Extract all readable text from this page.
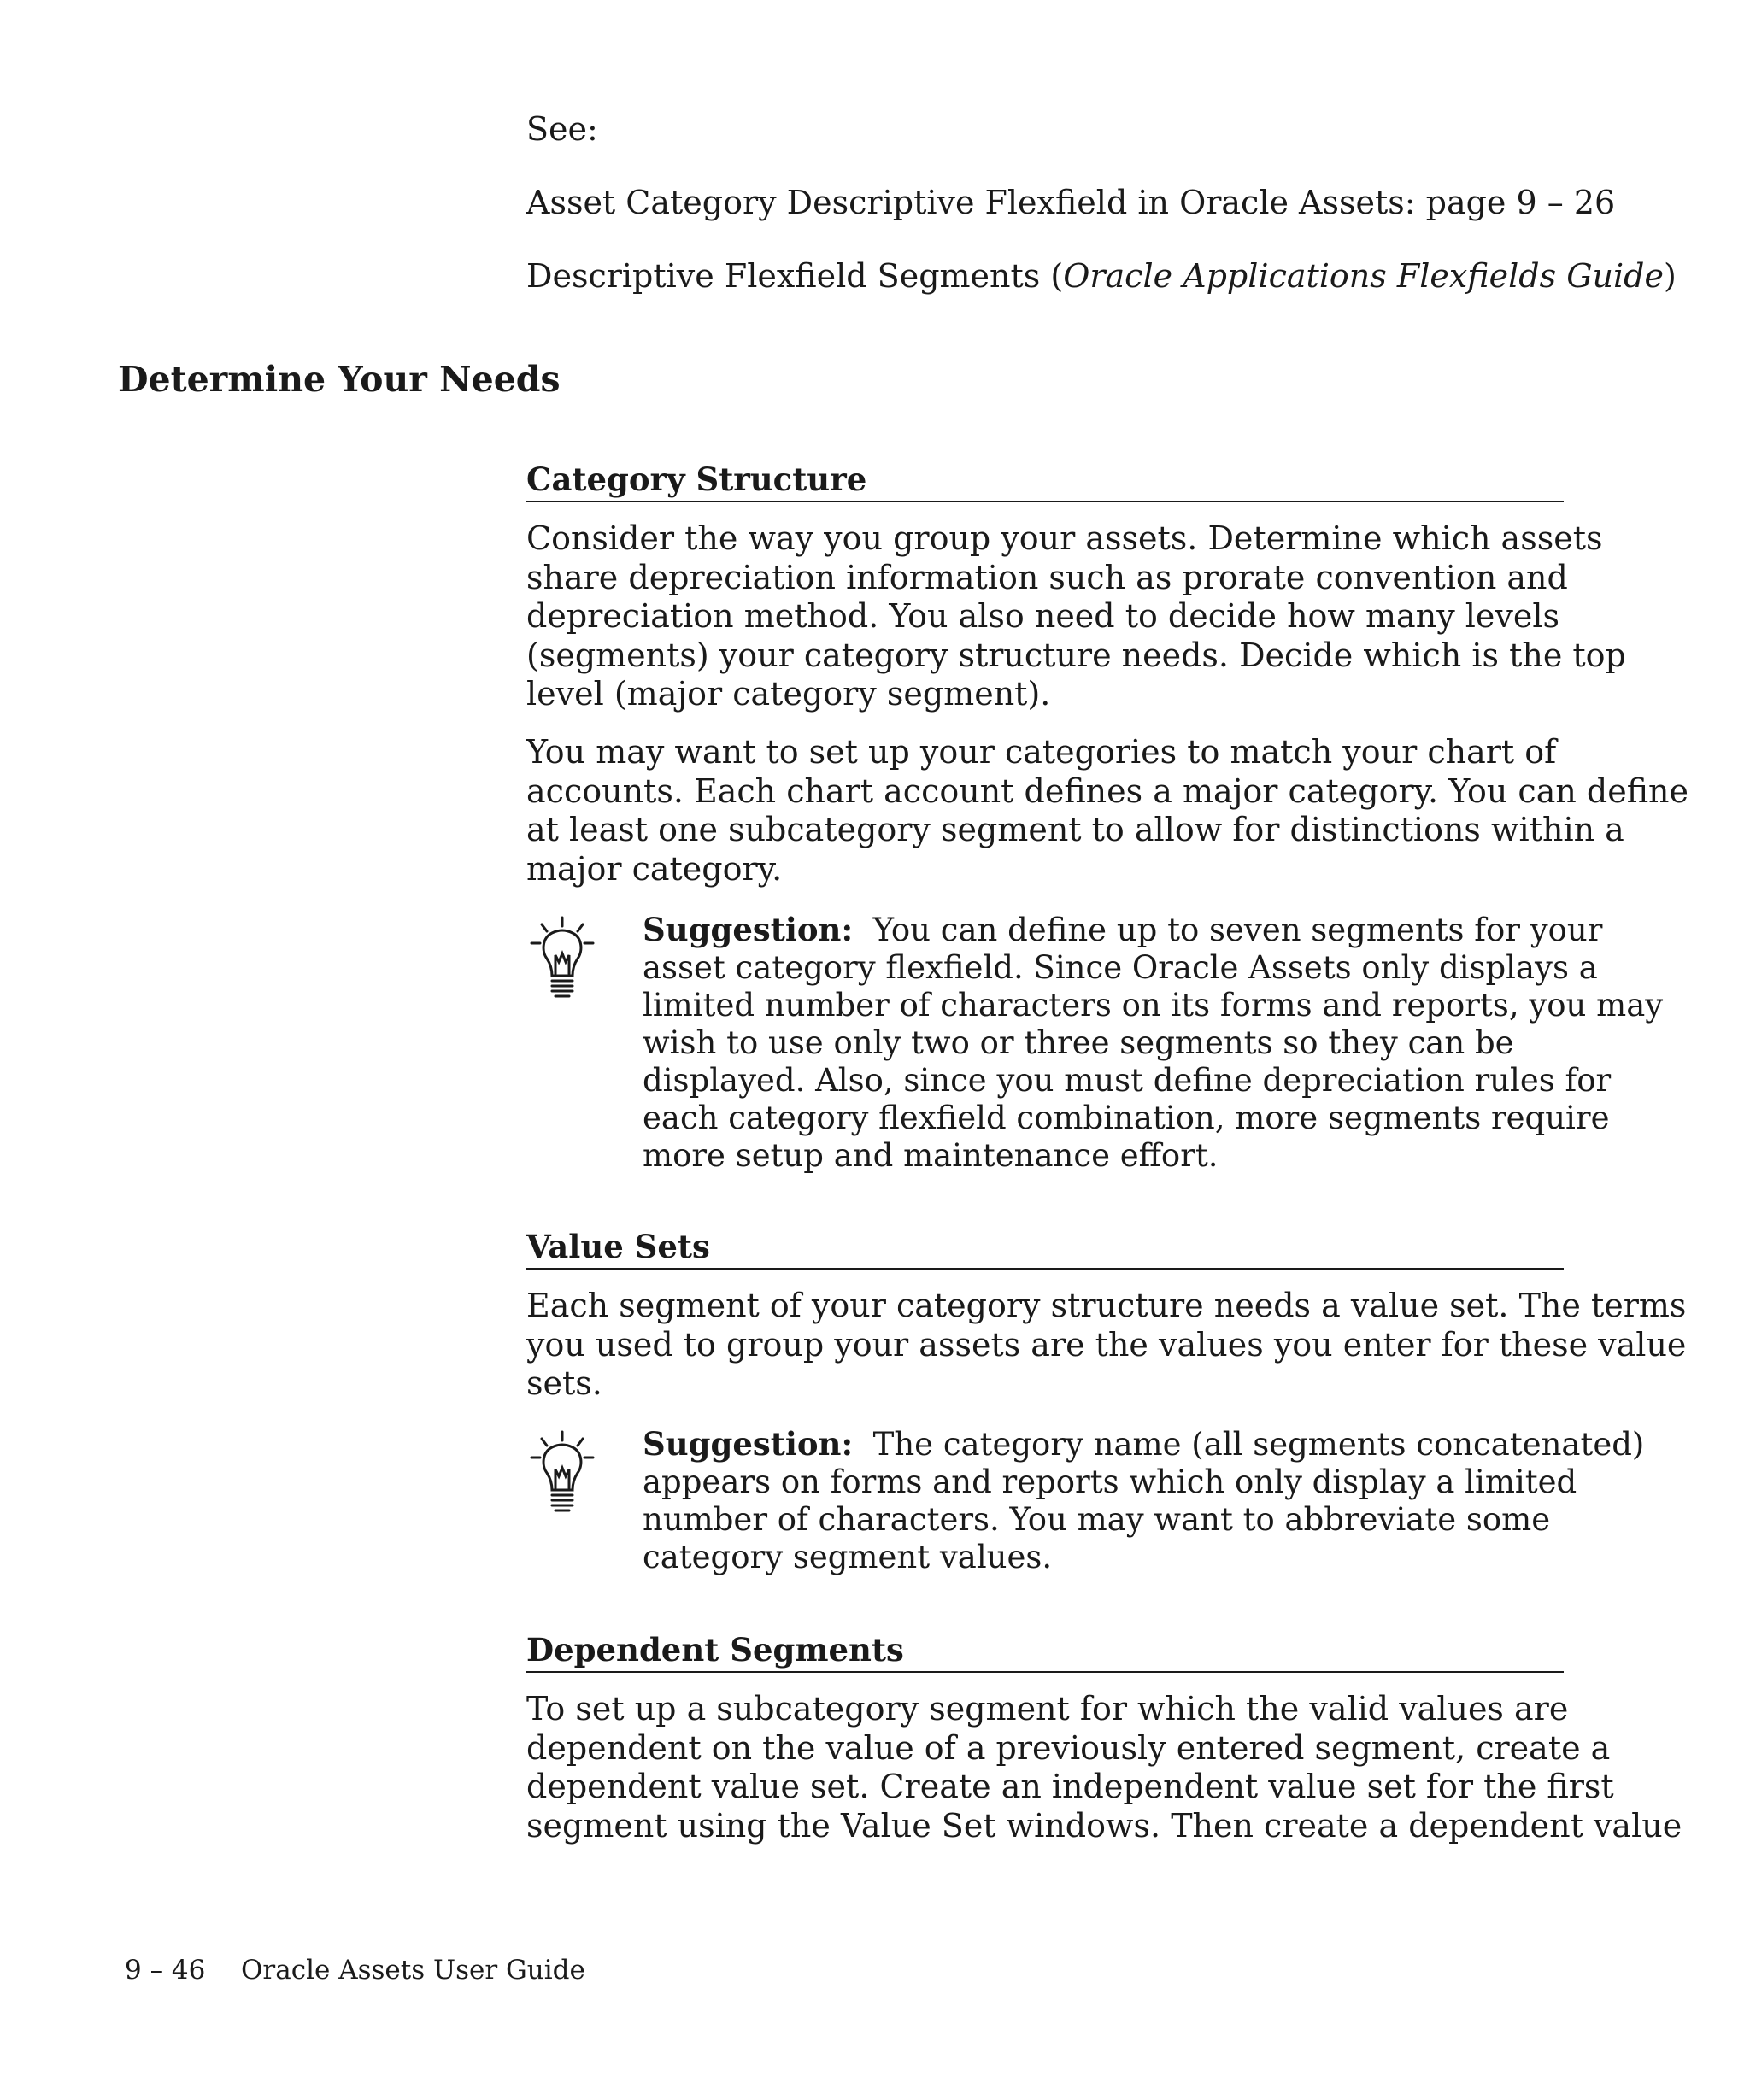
See:
Asset Category Descriptive Flexfield in Oracle Assets: page 9 – 26
Descriptive Flexfield Segments (Oracle Applications Flexfields Guide)
Determine Your Needs
Category Structure
Consider the way you group your assets. Determine which assets
share depreciation information such as prorate convention and
depreciation method. You also need to decide how many levels
(segments) your category structure needs. Decide which is the top
level (major category segment).
You may want to set up your categories to match your chart of
accounts. Each chart account defines a major category. You can define
at least one subcategory segment to allow for distinctions within a
major category.
Suggestion:  You can define up to seven segments for your
asset category flexfield. Since Oracle Assets only displays a
limited number of characters on its forms and reports, you may
wish to use only two or three segments so they can be
displayed. Also, since you must define depreciation rules for
each category flexfield combination, more segments require
more setup and maintenance effort.
Value Sets
Each segment of your category structure needs a value set. The terms
you used to group your assets are the values you enter for these value
sets.
Suggestion:  The category name (all segments concatenated)
appears on forms and reports which only display a limited
number of characters. You may want to abbreviate some
category segment values.
Dependent Segments
To set up a subcategory segment for which the valid values are
dependent on the value of a previously entered segment, create a
dependent value set. Create an independent value set for the first
segment using the Value Set windows. Then create a dependent value
9 – 46 Oracle Assets User Guide
